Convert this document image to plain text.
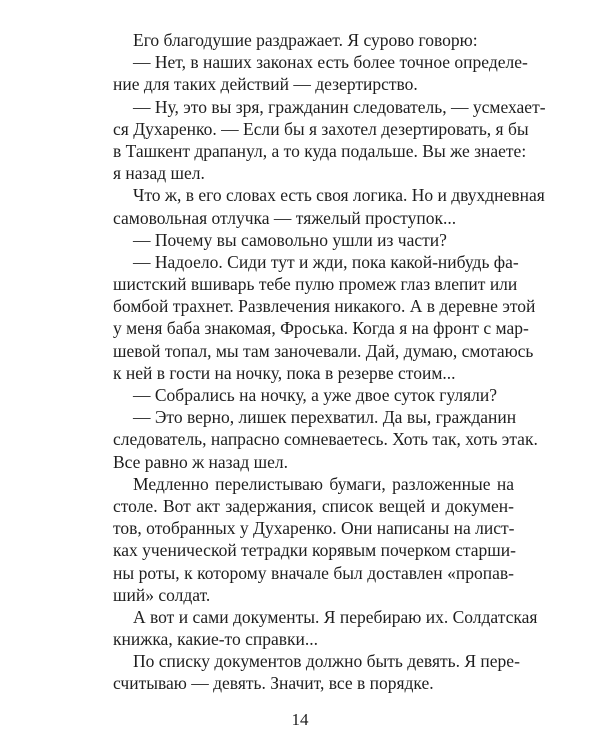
Его благодушие раздражает. Я сурово говорю:
— Нет, в наших законах есть более точное определе-
ние для таких действий — дезертирство.
— Ну, это вы зря, гражданин следователь, — усмехает-
ся Духаренко. — Если бы я захотел дезертировать, я бы
в Ташкент драпанул, а то куда подальше. Вы же знаете:
я назад шел.
Что ж, в его словах есть своя логика. Но и двухдневная
самовольная отлучка — тяжелый проступок...
— Почему вы самовольно ушли из части?
— Надоело. Сиди тут и жди, пока какой-нибудь фа-
шистский вшиварь тебе пулю промеж глаз влепит или
бомбой трахнет. Развлечения никакого. А в деревне этой
у меня баба знакомая, Фроська. Когда я на фронт с мар-
шевой топал, мы там заночевали. Дай, думаю, смотаюсь
к ней в гости на ночку, пока в резерве стоим...
— Собрались на ночку, а уже двое суток гуляли?
— Это верно, лишек перехватил. Да вы, гражданин
следователь, напрасно сомневаетесь. Хоть так, хоть этак.
Все равно ж назад шел.
Медленно перелистываю бумаги, разложенные на
столе. Вот акт задержания, список вещей и докумен-
тов, отобранных у Духаренко. Они написаны на лист-
ках ученической тетрадки корявым почерком старши-
ны роты, к которому вначале был доставлен «пропав-
ший» солдат.
А вот и сами документы. Я перебираю их. Солдатская
книжка, какие-то справки...
По списку документов должно быть девять. Я пере-
считываю — девять. Значит, все в порядке.
14
